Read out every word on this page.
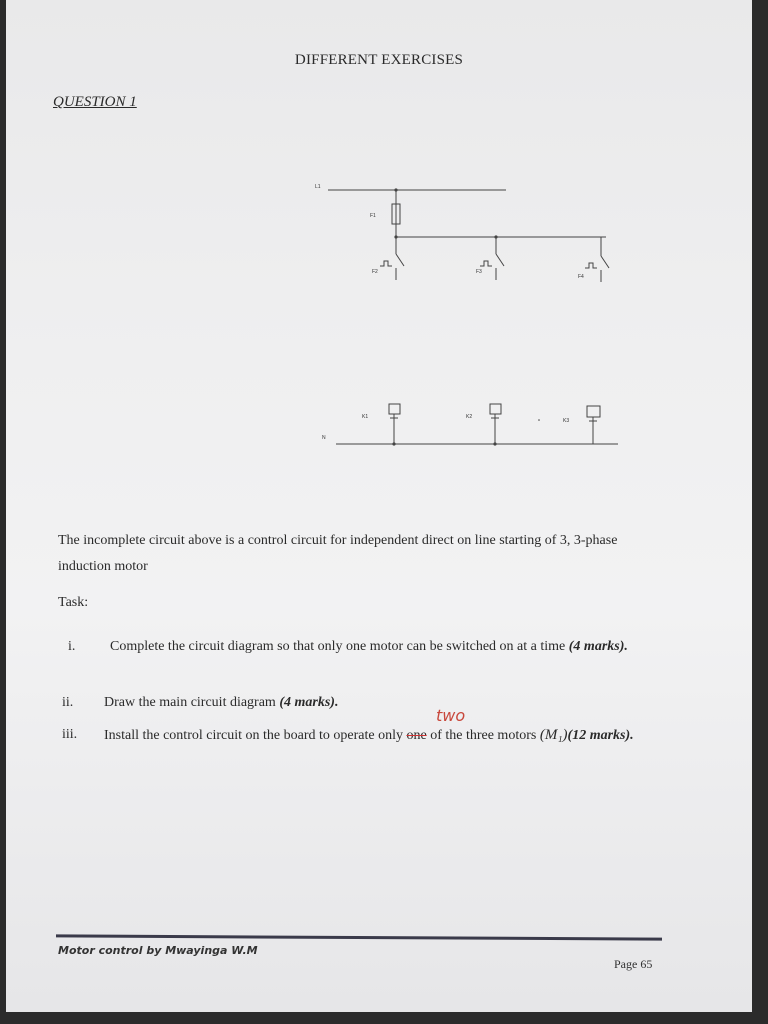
DIFFERENT EXERCISES
QUESTION 1
L1
F1
F2	F3
F4
K1	K2
K3
N
The incomplete circuit above is a control circuit for independent direct on line starting of 3, 3-phase induction motor
Task:
i.	Complete the circuit diagram so that only one motor can be switched on at a time (4 marks).
ii.	Draw the main circuit diagram (4 marks).
iii.	Install the control circuit on the board to operate only one of the three motors (M₁)(12 marks).
two
Motor control by Mwayinga W.M
Page 65
